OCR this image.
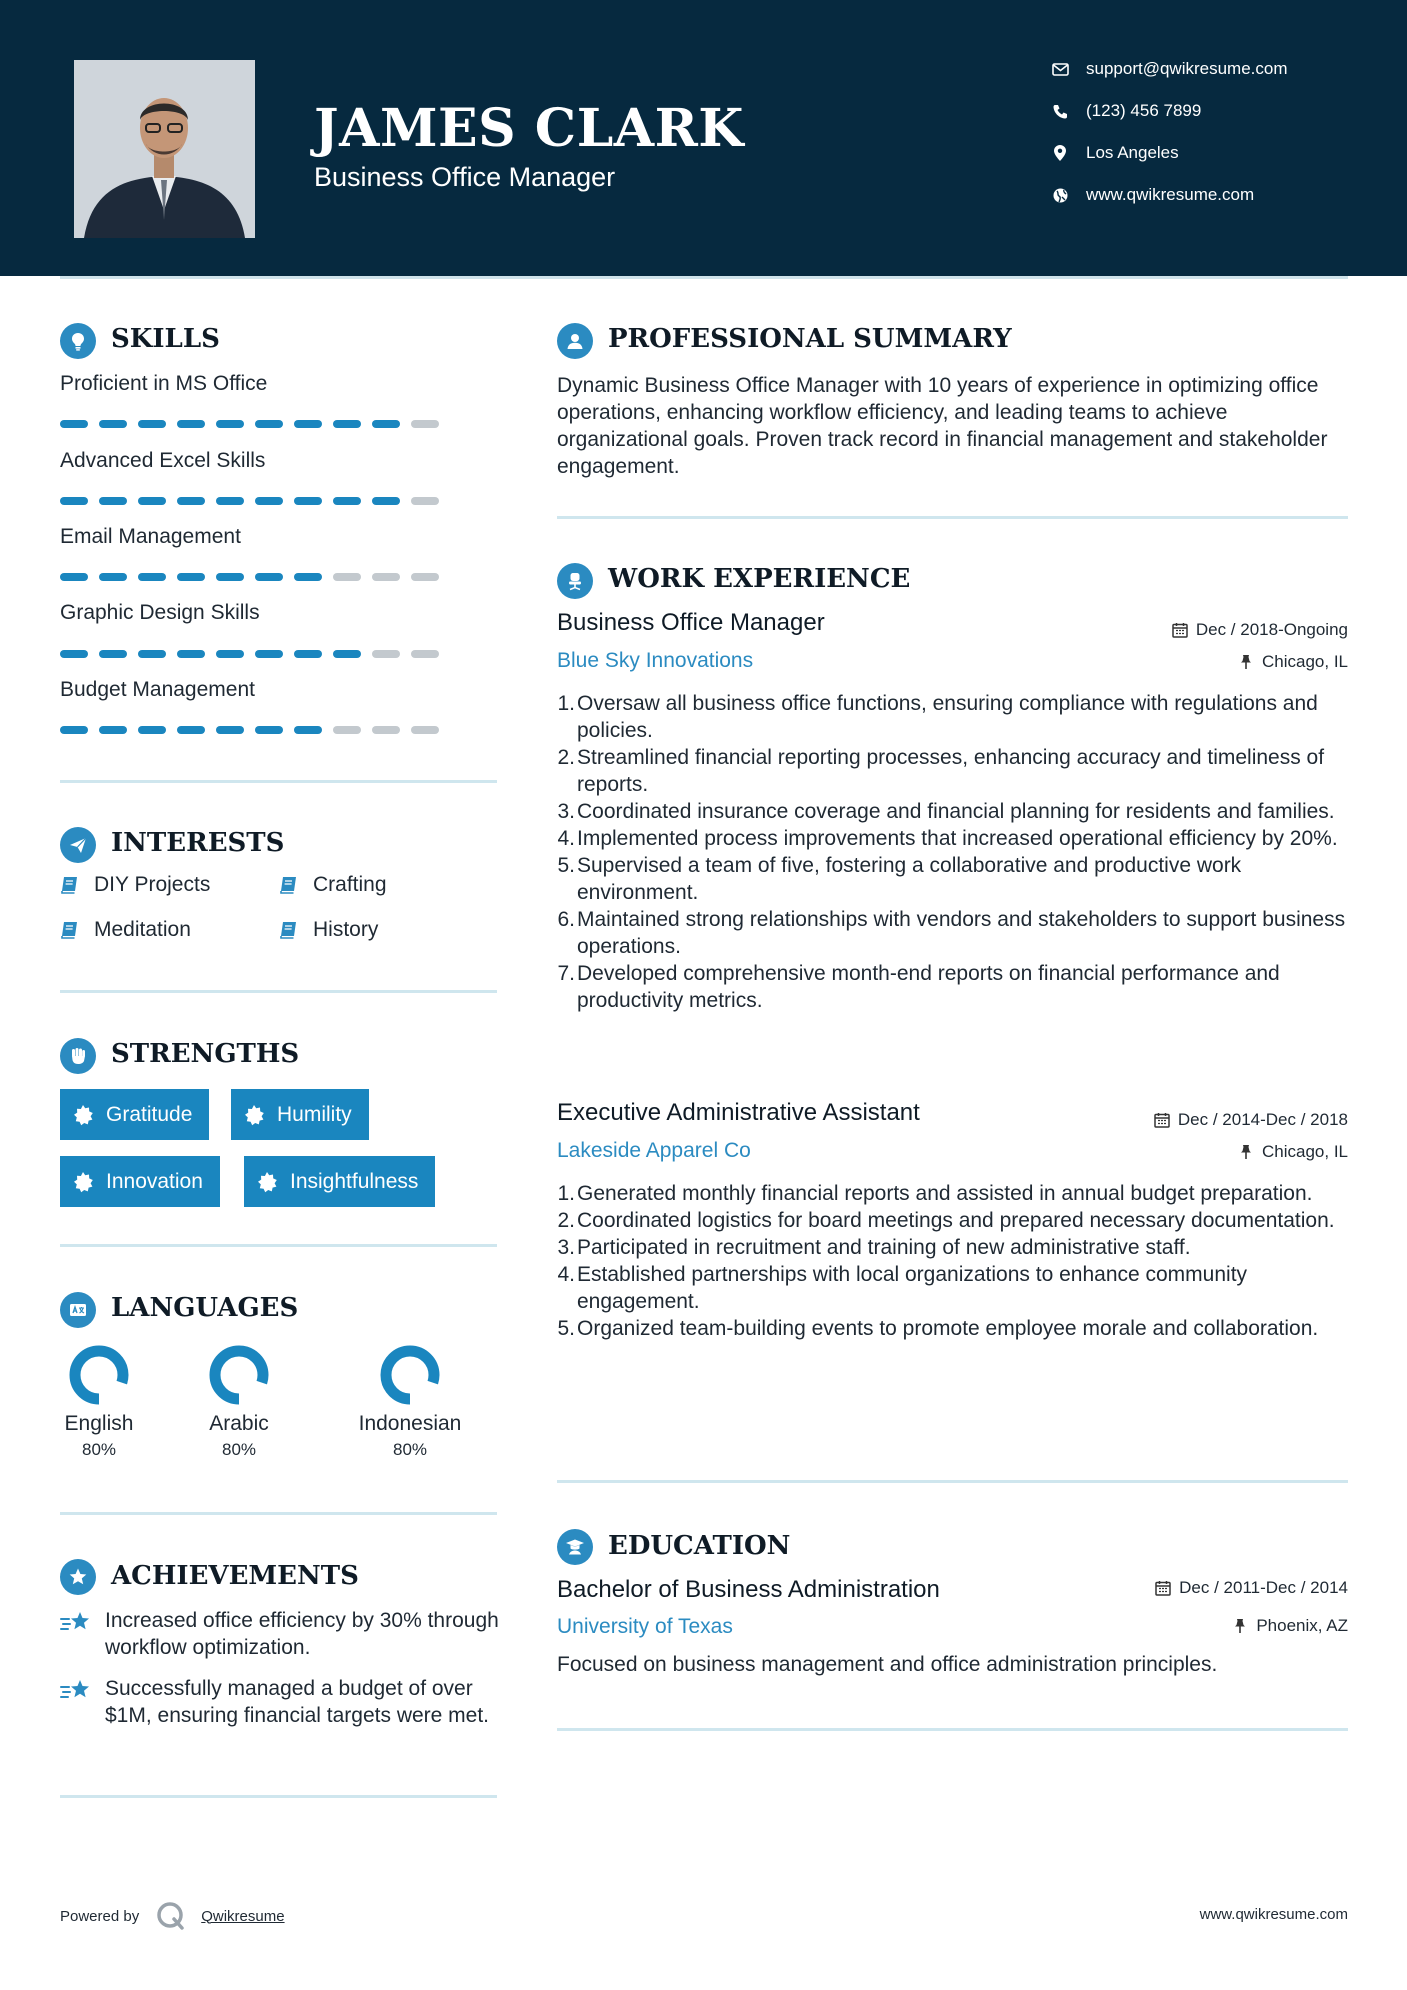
JAMES CLARK
Business Office Manager
support@qwikresume.com
(123) 456 7899
Los Angeles
www.qwikresume.com
SKILLS
Proficient in MS Office
Advanced Excel Skills
Email Management
Graphic Design Skills
Budget Management
INTERESTS
DIY Projects	Crafting
Meditation	History
STRENGTHS
Gratitude	Humility
Innovation	Insightfulness
LANGUAGES
English
80%
Arabic
80%
Indonesian
80%
ACHIEVEMENTS
Increased office efficiency by 30% through workflow optimization.
Successfully managed a budget of over $1M, ensuring financial targets were met.
PROFESSIONAL SUMMARY
Dynamic Business Office Manager with 10 years of experience in optimizing office operations, enhancing workflow efficiency, and leading teams to achieve organizational goals. Proven track record in financial management and stakeholder engagement.
WORK EXPERIENCE
Business Office Manager	Dec / 2018-Ongoing
Blue Sky Innovations	Chicago, IL
1. Oversaw all business office functions, ensuring compliance with regulations and policies.
2. Streamlined financial reporting processes, enhancing accuracy and timeliness of reports.
3. Coordinated insurance coverage and financial planning for residents and families.
4. Implemented process improvements that increased operational efficiency by 20%.
5. Supervised a team of five, fostering a collaborative and productive work environment.
6. Maintained strong relationships with vendors and stakeholders to support business operations.
7. Developed comprehensive month-end reports on financial performance and productivity metrics.
Executive Administrative Assistant	Dec / 2014-Dec / 2018
Lakeside Apparel Co	Chicago, IL
1. Generated monthly financial reports and assisted in annual budget preparation.
2. Coordinated logistics for board meetings and prepared necessary documentation.
3. Participated in recruitment and training of new administrative staff.
4. Established partnerships with local organizations to enhance community engagement.
5. Organized team-building events to promote employee morale and collaboration.
EDUCATION
Bachelor of Business Administration	Dec / 2011-Dec / 2014
University of Texas	Phoenix, AZ
Focused on business management and office administration principles.
Powered by	Qwikresume	www.qwikresume.com
